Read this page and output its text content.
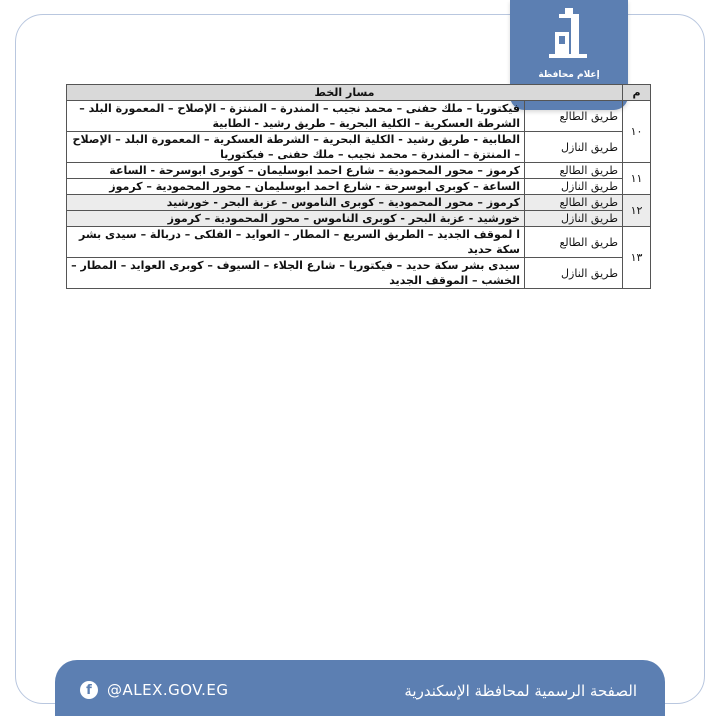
إعلام محافظة
م	مسار الخط	
١٠	طريق الطالع	فيكتوريا – ملك حفنى – محمد نجيب – المندرة – المنتزة – الإصلاح – المعمورة البلد – الشرطة العسكرية – الكلية البحرية – طريق رشيد - الطابية
	طريق النازل	الطابية - طريق رشيد - الكلية البحرية – الشرطة العسكرية – المعمورة البلد – الإصلاح – المنتزة – المندرة – محمد نجيب – ملك حفنى – فيكتوريا
١١	طريق الطالع	كرموز – محور المحمودية – شارع احمد ابوسليمان – كوبرى ابوسرحة - الساعة
	طريق النازل	الساعة – كوبرى ابوسرحة - شارع احمد ابوسليمان – محور المحمودية – كرموز
١٢	طريق الطالع	كرموز – محور المحمودية – كوبرى الناموس – عزبة البحر - خورشيد
	طريق النازل	خورشيد - عزبة البحر - كوبرى الناموس – محور المحمودية – كرموز
١٣	طريق الطالع	ا لموقف الجديد – الطريق السريع – المطار – العوايد – الفلكى – دربالة – سيدى بشر سكة حديد
	طريق النازل	سيدى بشر سكة حديد – فيكتوريا – شارع الجلاء – السيوف – كوبرى العوايد – المطار – الخشب – الموقف الجديد
f	@ALEX.GOV.EG	الصفحة الرسمية لمحافظة الإسكندرية
